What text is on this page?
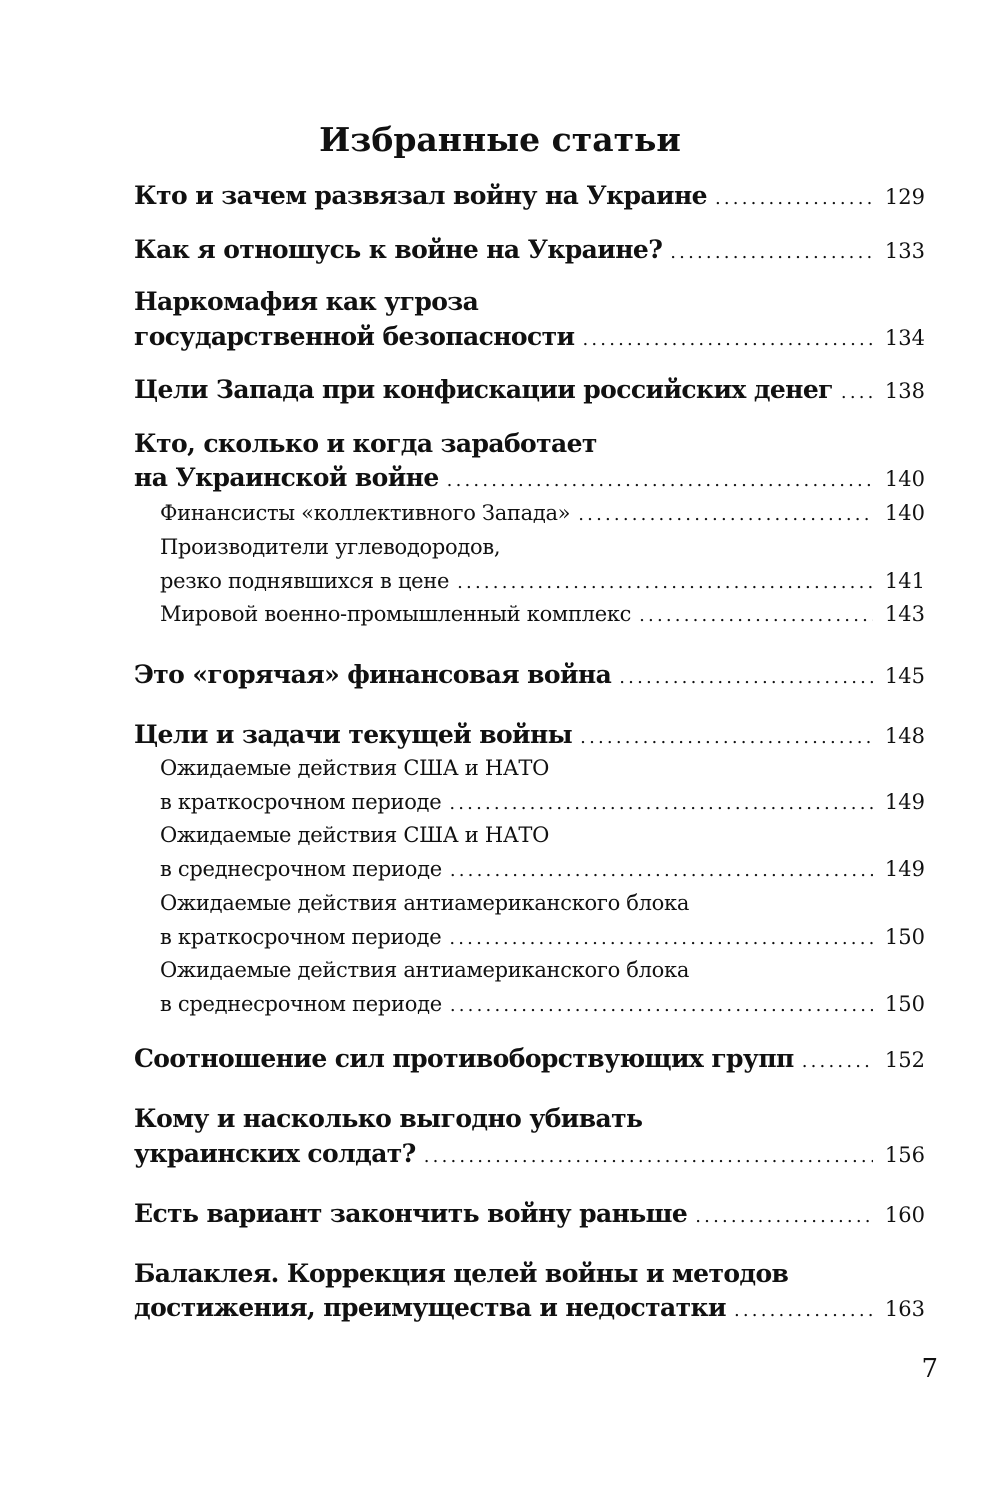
Избранные статьи
Кто и зачем развязал войну на Украине .....	129
Как я отношусь к войне на Украине? .....	133
Наркомафия как угроза
государственной безопасности .....	134
Цели Запада при конфискации российских денег ..... 138
Кто, сколько и когда заработает
на Украинской войне .....	140
Финансисты «коллективного Запада» .....	140
Производители углеводородов,
резко поднявшихся в цене .....	141
Мировой военно-промышленный комплекс .....	143
Это «горячая» финансовая война .....	145
Цели и задачи текущей войны .....	148
Ожидаемые действия США и НАТО
в краткосрочном периоде .....	149
Ожидаемые действия США и НАТО
в среднесрочном периоде .....	149
Ожидаемые действия антиамериканского блока
в краткосрочном периоде .....	150
Ожидаемые действия антиамериканского блока
в среднесрочном периоде .....	150
Соотношение сил противоборствующих групп .....	152
Кому и насколько выгодно убивать
украинских солдат? .....	156
Есть вариант закончить войну раньше .....	160
Балаклея. Коррекция целей войны и методов
достижения, преимущества и недостатки .....	163
7
